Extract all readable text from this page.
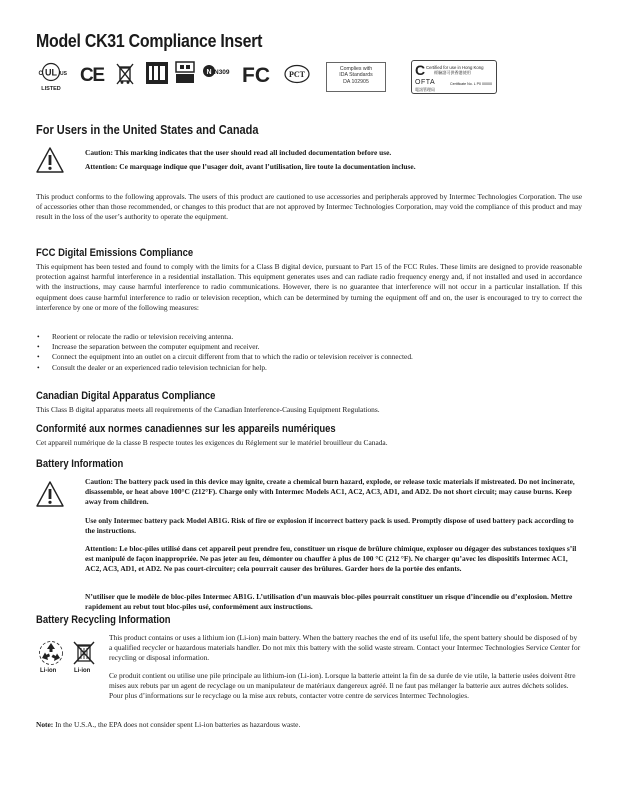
Model CK31 Compliance Insert
UL
C	US
LISTED
CE	N N309 FC PCT
Complies with
IDA Standards
DA 102905
C Certified for use in Hong Kong
經驗證可供香港使用
OFTA	Certificate No. L P0 00000
電訊管理局
For Users in the United States and Canada
Caution: This marking indicates that the user should read all included documentation before use.
Attention: Ce marquage indique que l’usager doit, avant l’utilisation, lire toute la documentation incluse.
This product conforms to the following approvals. The users of this product are cautioned to use accessories and peripherals approved by Intermec Technologies Corporation. The use of accessories other than those recommended, or changes to this product that are not approved by Intermec Technologies Corporation, may void the compliance of this product and may result in the loss of the user’s authority to operate the equipment.
FCC Digital Emissions Compliance
This equipment has been tested and found to comply with the limits for a Class B digital device, pursuant to Part 15 of the FCC Rules. These limits are designed to provide reasonable protection against harmful interference in a residential installation. This equipment generates uses and can radiate radio frequency energy and, if not installed and used in accordance with the instructions, may cause harmful interference to radio communications. However, there is no guarantee that interference will not occur in a particular installation. If this equipment does cause harmful interference to radio or television reception, which can be determined by turning the equipment off and on, the user is encouraged to try to correct the interference by one or more of the following measures:
• Reorient or relocate the radio or television receiving antenna.
• Increase the separation between the computer equipment and receiver.
• Connect the equipment into an outlet on a circuit different from that to which the radio or television receiver is connected.
• Consult the dealer or an experienced radio television technician for help.
Canadian Digital Apparatus Compliance
This Class B digital apparatus meets all requirements of the Canadian Interference-Causing Equipment Regulations.
Conformité aux normes canadiennes sur les appareils numériques
Cet appareil numérique de la classe B respecte toutes les exigences du Réglement sur le matériel brouilleur du Canada.
Battery Information
Caution: The battery pack used in this device may ignite, create a chemical burn hazard, explode, or release toxic materials if mistreated. Do not incinerate, disassemble, or heat above 100°C (212°F). Charge only with Intermec Models AC1, AC2, AC3, AD1, and AD2. Do not short circuit; may cause burns. Keep away from children.
Use only Intermec battery pack Model AB1G. Risk of fire or explosion if incorrect battery pack is used. Promptly dispose of used battery pack according to the instructions.
Attention: Le bloc-piles utilisé dans cet appareil peut prendre feu, constituer un risque de brûlure chimique, exploser ou dégager des substances toxiques s’il est manipulé de façon inappropriée. Ne pas jeter au feu, démonter ou chauffer à plus de 100 °C (212 °F). Ne charger qu’avec les dispositifs Intermec AC1, AC2, AC3, AD1, et AD2. Ne pas court-circuiter; cela pourrait causer des brûlures. Garder hors de la portée des enfants.
N’utiliser que le modèle de bloc-piles Intermec AB1G. L’utilisation d’un mauvais bloc-piles pourrait constituer un risque d’incendie ou d’explosion. Mettre rapidement au rebut tout bloc-piles usé, conformément aux instructions.
Battery Recycling Information
Li-ion	Li-ion
This product contains or uses a lithium ion (Li-ion) main battery. When the battery reaches the end of its useful life, the spent battery should be disposed of by a qualified recycler or hazardous materials handler. Do not mix this battery with the solid waste stream. Contact your Intermec Technologies Service Center for recycling or disposal information.
Ce produit contient ou utilise une pile principale au lithium-ion (Li-ion). Lorsque la batterie atteint la fin de sa durée de vie utile, la batterie usées doivent être mises aux rebuts par un agent de recyclage ou un manipulateur de matériaux dangereux agréé. Il ne faut pas mélanger la batterie aux autres déchets solides. Pour plus d’informations sur le recyclage ou la mise aux rebuts, contacter votre centre de services Intermec Technologies.
Note: In the U.S.A., the EPA does not consider spent Li-ion batteries as hazardous waste.
